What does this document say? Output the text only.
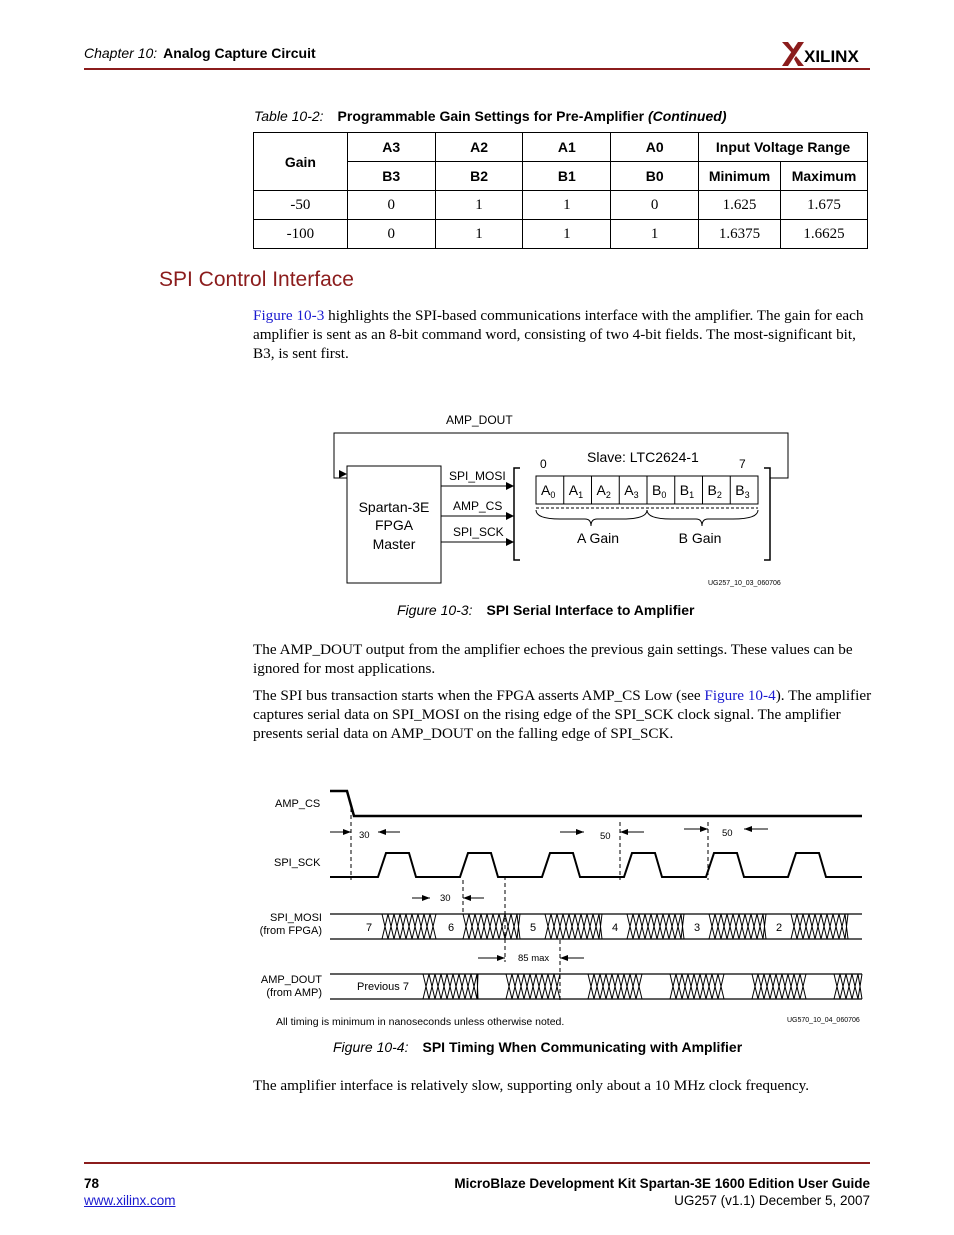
Chapter 10: Analog Capture Circuit	XILINX
Table 10-2: Programmable Gain Settings for Pre-Amplifier (Continued)
Gain	A3	A2	A1	A0	Input Voltage Range	
	B3	B2	B1	B0	Minimum	Maximum
-50	0	1	1	0	1.625	1.675
-100	0	1	1	1	1.6375	1.6625
SPI Control Interface
Figure 10-3 highlights the SPI-based communications interface with the amplifier. The gain for each amplifier is sent as an 8-bit command word, consisting of two 4-bit fields. The most-significant bit, B3, is sent first.
AMP_DOUT
Spartan-3E
FPGA
Master
SPI_MOSI
AMP_CS
SPI_SCK
Slave: LTC2624-1
0	7
$A_0$ $A_1$ $A_2$ $A_3$ $B_0$ $B_1$ $B_2$ $B_3$
A Gain	B Gain
UG257_10_03_060706
Figure 10-3: SPI Serial Interface to Amplifier
The AMP_DOUT output from the amplifier echoes the previous gain settings. These values can be ignored for most applications.
The SPI bus transaction starts when the FPGA asserts AMP_CS Low (see Figure 10-4). The amplifier captures serial data on SPI_MOSI on the rising edge of the SPI_SCK clock signal. The amplifier presents serial data on AMP_DOUT on the falling edge of SPI_SCK.
AMP_CS
SPI_SCK
SPI_MOSI
(from FPGA)
AMP_DOUT
(from AMP)	Previous 7
All timing is minimum in nanoseconds unless otherwise noted.	UG570_10_04_060706
30	50	50
30
85 max
7	6	5	4	3	2
Figure 10-4: SPI Timing When Communicating with Amplifier
The amplifier interface is relatively slow, supporting only about a 10 MHz clock frequency.
78
www.xilinx.com
MicroBlaze Development Kit Spartan-3E 1600 Edition User Guide
UG257 (v1.1) December 5, 2007
